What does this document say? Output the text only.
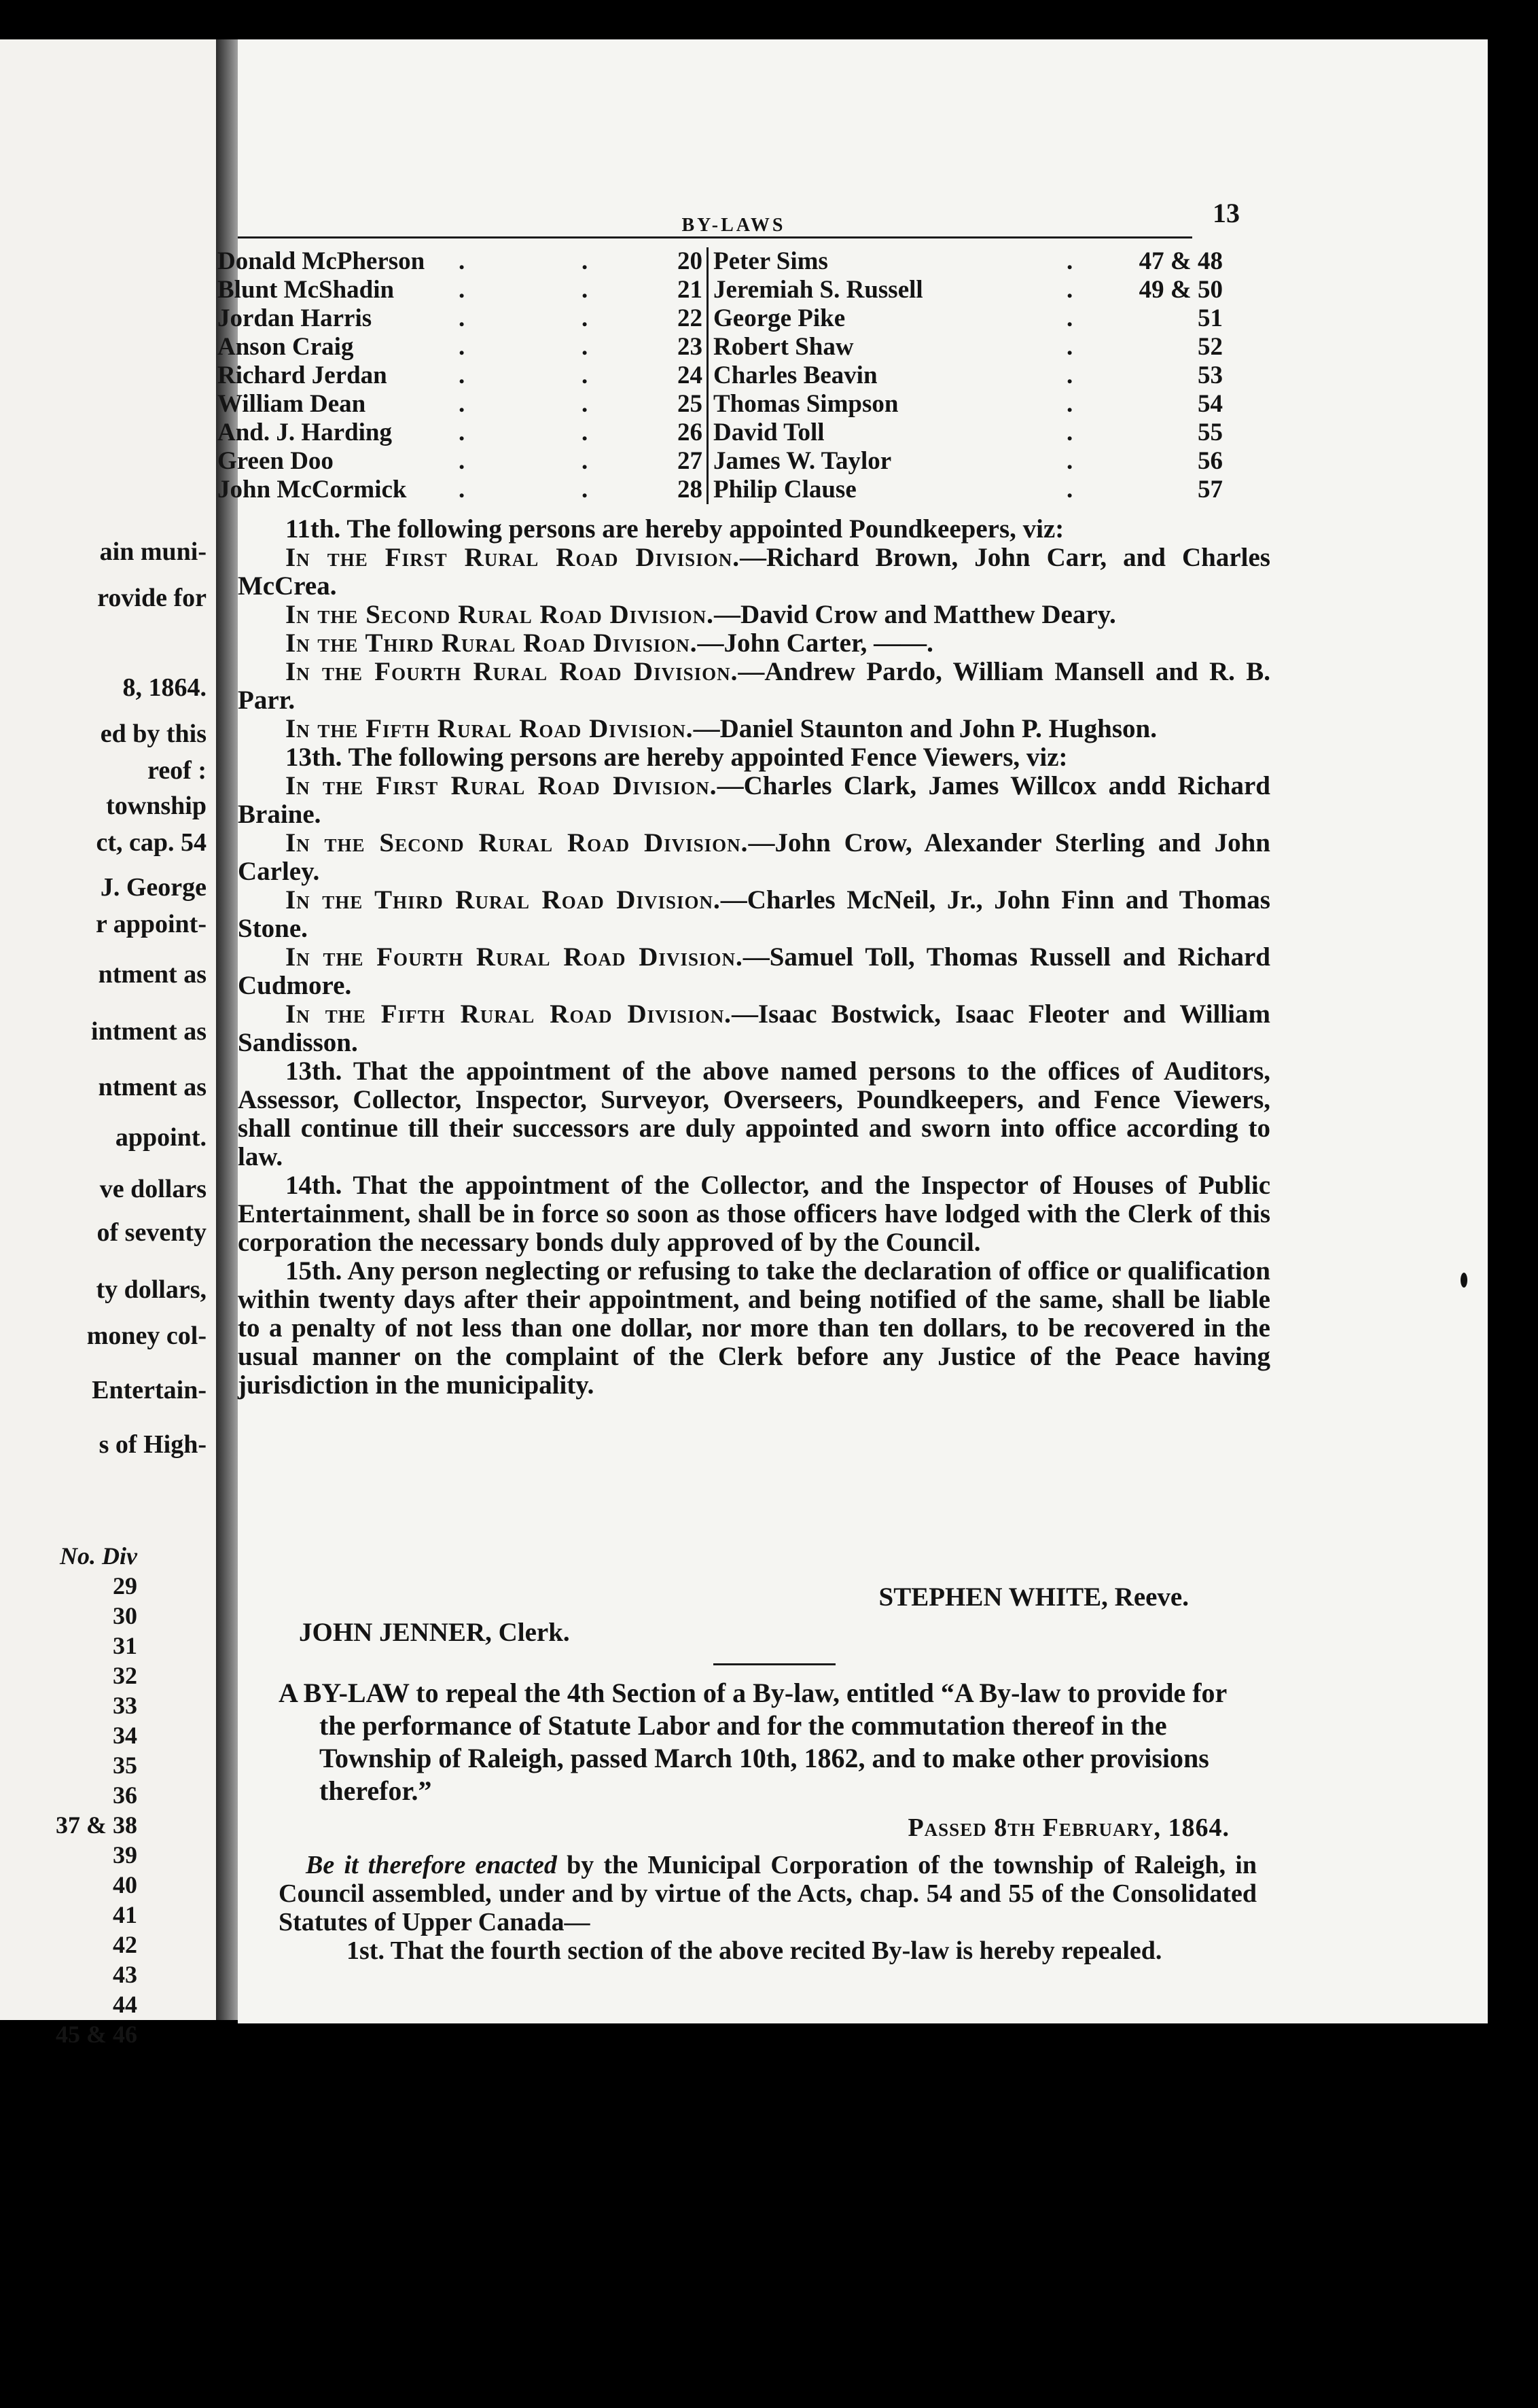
ain muni-
rovide for
8, 1864.
ed by this
reof :
township
ct, cap. 54
J. George
r appoint-
ntment as
intment as
ntment as
appoint.
ve dollars
of seventy
ty dollars,
money col-
Entertain-
s of High-
No. Div
29
30
31
32
33
34
35
36
37 & 38
39
40
41
42
43
44
45 & 46
BY-LAWS	13
Donald McPherson .	.	20 Peter Sims	.	47 & 48
Blunt McShadin	.	.	21 Jeremiah S. Russell	.	49 & 50
Jordan Harris	.	.	22 George Pike	.	51
Anson Craig	.	.	23 Robert Shaw	.	52
Richard Jerdan	.	.	24 Charles Beavin	.	53
William Dean	.	.	25 Thomas Simpson	.	54
And. J. Harding	.	.	26 David Toll	.	55
Green Doo	.	.	27 James W. Taylor	.	56
John McCormick .	.	28 Philip Clause	.	57

11th. The following persons are hereby appointed Poundkeepers, viz:

In the First Rural Road Division.—Richard Brown, John Carr, and Charles McCrea.

In the Second Rural Road Division.—David Crow and Matthew Deary.

In the Third Rural Road Division.—John Carter, ——.

In the Fourth Rural Road Division.—Andrew Pardo, William Mansell and R. B. Parr.

In the Fifth Rural Road Division.—Daniel Staunton and John P. Hughson.

13th. The following persons are hereby appointed Fence Viewers, viz:

In the First Rural Road Division.—Charles Clark, James Willcox andd Richard Braine.

In the Second Rural Road Division.—John Crow, Alexander Sterling and John Carley.

In the Third Rural Road Division.—Charles McNeil, Jr., John Finn and Thomas Stone.

In the Fourth Rural Road Division.—Samuel Toll, Thomas Russell and Richard Cudmore.

In the Fifth Rural Road Division.—Isaac Bostwick, Isaac Fleoter and William Sandisson.

13th. That the appointment of the above named persons to the offices of Auditors, Assessor, Collector, Inspector, Surveyor, Overseers, Poundkeepers, and Fence Viewers, shall continue till their successors are duly appointed and sworn into office according to law.

14th. That the appointment of the Collector, and the Inspector of Houses of Public Entertainment, shall be in force so soon as those officers have lodged with the Clerk of this corporation the necessary bonds duly approved of by the Council.

15th. Any person neglecting or refusing to take the declaration of office or qualification within twenty days after their appointment, and being notified of the same, shall be liable to a penalty of not less than one dollar, nor more than ten dollars, to be recovered in the usual manner on the complaint of the Clerk before any Justice of the Peace having jurisdiction in the municipality.

STEPHEN WHITE, Reeve.
JOHN JENNER, Clerk.

A BY-LAW to repeal the 4th Section of a By-law, entitled “A By-law to provide for the performance of Statute Labor and for the commutation thereof in the Township of Raleigh, passed March 10th, 1862, and to make other provisions therefor.”

Passed 8th February, 1864.

Be it therefore enacted by the Municipal Corporation of the township of Raleigh, in Council assembled, under and by virtue of the Acts, chap. 54 and 55 of the Consolidated Statutes of Upper Canada—

1st. That the fourth section of the above recited By-law is hereby repealed.
